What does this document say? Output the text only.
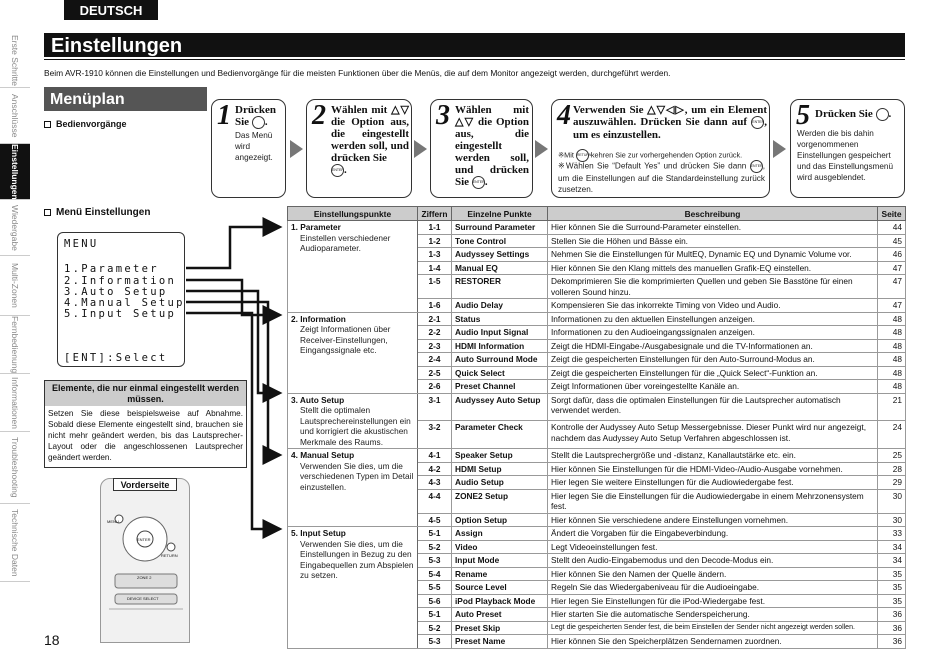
DEUTSCH
Erste Schritte
Anschlüsse
Einstellungen
Wiedergabe
Multi-Zonen
Fernbedienung
Informationen
Troubleshooting
Technische Daten
Einstellungen
Beim AVR-1910 können die Einstellungen und Bedienvorgänge für die meisten Funktionen über die Menüs, die auf dem Monitor angezeigt werden, durchgeführt werden.
Menüplan
Bedienvorgänge
Menü Einstellungen
1 Drücken Sie .
Das Menü wird angezeigt.
2 Wählen mit △▽ die Option aus, die eingestellt werden soll, und drücken Sie
ENTER.
3 Wählen mit △▽ die Option aus, die eingestellt werden soll, und drücken Sie ENTER.
4 Verwenden Sie △▽◁▷, um ein Element auszuwählen. Drücken Sie dann auf ENTER, um es einzustellen.
※Mit RETURN kehren Sie zur vorhergehenden Option zurück.
※Wählen Sie “Default Yes” und drücken Sie dann ENTER, um die Einstellungen auf die Standardeinstellung zurück zusetzen.
5 Drücken Sie .
Werden die bis dahin vorgenommenen Einstellungen gespeichert und das Einstellungsmenü wird ausgeblendet.
MENU
1.Parameter
2.Information
3.Auto Setup
4.Manual Setup
5.Input Setup
[ENT]:Select
Elemente, die nur einmal eingestellt werden müssen.
Setzen Sie diese beispielsweise auf Abnahme. Sobald diese Elemente eingestellt sind, brauchen sie nicht mehr geändert werden, bis das Lautsprecher-Layout oder die angeschlossenen Lautsprecher geändert werden.
MENU
ENTER
RETURN
ZONE 2
DEVICE SELECT
Vorderseite
Einstellungspunkte	Ziffern	Einzelne Punkte	Beschreibung	Seite

1. Parameter
Einstellen verschiedener Audioparameter.	1-1	Surround Parameter	Hier können Sie die Surround-Parameter einstellen.	44
	1-2	Tone Control	Stellen Sie die Höhen und Bässe ein.	45
	1-3	Audyssey Settings	Nehmen Sie die Einstellungen für MultEQ, Dynamic EQ und Dynamic Volume vor.	46
	1-4	Manual EQ	Hier können Sie den Klang mittels des manuellen Grafik-EQ einstellen.	47
	1-5	RESTORER	Dekomprimieren Sie die komprimierten Quellen und geben Sie Basstöne für einen volleren Sound hinzu.	47
	1-6	Audio Delay	Kompensieren Sie das inkorrekte Timing von Video und Audio.	47

2. Information
Zeigt Informationen über Receiver-Einstellungen, Eingangssignale etc.	2-1	Status	Informationen zu den aktuellen Einstellungen anzeigen.	48
	2-2	Audio Input Signal	Informationen zu den Audioeingangssignalen anzeigen.	48
	2-3	HDMI Information	Zeigt die HDMI-Eingabe-/Ausgabesignale und die TV-Informationen an.	48
	2-4	Auto Surround Mode	Zeigt die gespeicherten Einstellungen für den Auto-Surround-Modus an.	48
	2-5	Quick Select	Zeigt die gespeicherten Einstellungen für die „Quick Select“-Funktion an.	48
	2-6	Preset Channel	Zeigt Informationen über voreingestellte Kanäle an.	48

3. Auto Setup
Stellt die optimalen Lautsprechereinstellungen ein und korrigiert die akustischen Merkmale des Raums.	3-1	Audyssey Auto Setup	Sorgt dafür, dass die optimalen Einstellungen für die Lautsprecher automatisch verwendet werden.	21
	3-2	Parameter Check	Kontrolle der Audyssey Auto Setup Messergebnisse. Dieser Punkt wird nur angezeigt, nachdem das Audyssey Auto Setup Verfahren abgeschlossen ist.	24

4. Manual Setup
Verwenden Sie dies, um die verschiedenen Typen im Detail einzustellen.	4-1	Speaker Setup	Stellt die Lautsprechergröße und -distanz, Kanallautstärke etc. ein.	25
	4-2	HDMI Setup	Hier können Sie Einstellungen für die HDMI-Video-/Audio-Ausgabe vornehmen.	28
	4-3	Audio Setup	Hier legen Sie weitere Einstellungen für die Audiowiedergabe fest.	29
	4-4	ZONE2 Setup	Hier legen Sie die Einstellungen für die Audiowiedergabe in einem Mehrzonensystem fest.	30
	4-5	Option Setup	Hier können Sie verschiedene andere Einstellungen vornehmen.	30

5. Input Setup
Verwenden Sie dies, um die Einstellungen in Bezug zu den Eingabequellen zum Abspielen zu setzen.	5-1	Assign	Ändert die Vorgaben für die Eingabeverbindung.	33
	5-2	Video	Legt Videoeinstellungen fest.	34
	5-3	Input Mode	Stellt den Audio-Eingabemodus und den Decode-Modus ein.	34
	5-4	Rename	Hier können Sie den Namen der Quelle ändern.	35
	5-5	Source Level	Regeln Sie das Wiedergabeniveau für die Audioeingabe.	35
	5-6	iPod Playback Mode	Hier legen Sie Einstellungen für die iPod-Wiedergabe fest.	35
	5-1	Auto Preset	Hier starten Sie die automatische Senderspeicherung.	36
	5-2	Preset Skip	Legt die gespeicherten Sender fest, die beim Einstellen der Sender nicht angezeigt werden sollen.	36
	5-3	Preset Name	Hier können Sie den Speicherplätzen Sendernamen zuordnen.	36
18
